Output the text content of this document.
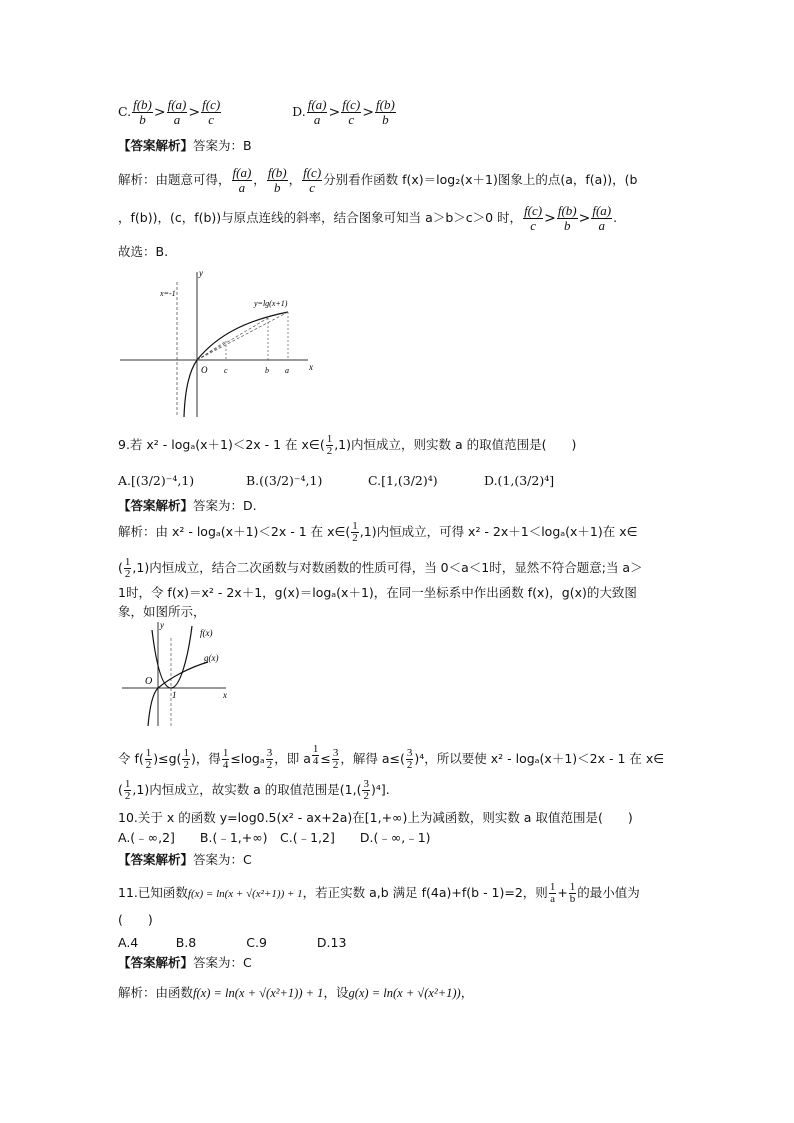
C. $\frac{f(b)}{b} > \frac{f(a)}{a} > \frac{f(c)}{c}$	D. $\frac{f(a)}{a} > \frac{f(c)}{c} > \frac{f(b)}{b}$
【答案解析】答案为：B
解析：由题意可得， $\frac{f(a)}{a}$ ， $\frac{f(b)}{b}$ ， $\frac{f(c)}{c}$ 分别看作函数 f(x)＝log₂(x＋1)图象上的点(a，f(a))，(b
，f(b))，(c，f(b))与原点连线的斜率，结合图象可知当 a＞b＞c＞0 时， $\frac{f(c)}{c} > \frac{f(b)}{b} > \frac{f(a)}{a}$ .
故选：B.
y
x
x=-1
y=lg(x+1)
O c	b a
9.若 x² - logₐ(x＋1)＜2x - 1 在 x∈( $\frac{1}{2} ,1$)内恒成立，则实数 a 的取值范围是(　　)
A.[(3/2)⁻⁴,1)	B.((3/2)⁻⁴,1)	C.[1,(3/2)⁴)	D.(1,(3/2)⁴]
【答案解析】答案为：D.
解析：由 x² - logₐ(x＋1)＜2x - 1 在 x∈( $\frac{1}{2} ,1$)内恒成立，可得 x² - 2x＋1＜logₐ(x＋1)在 x∈
( $\frac{1}{2} ,1$)内恒成立，结合二次函数与对数函数的性质可得，当 0＜a＜1时，显然不符合题意;当 a＞
1时，令 f(x)＝x² - 2x＋1，g(x)＝logₐ(x＋1)，在同一坐标系中作出函数 f(x)，g(x)的大致图
象，如图所示，
y
x
f(x)
g(x)
O
1
令 $f( \frac{1}{2} )\le g( \frac{1}{2}$ )，得 $\frac{1}{4} \le\log_a \frac{3}{2}$ ，即 a $^{\frac{1}{4}} \le \frac{3}{2}$ ，解得 $a\le( \frac{3}{2} )^4$，所以要使 x² - logₐ(x＋1)＜2x - 1 在 x∈
( $\frac{1}{2} ,1$)内恒成立，故实数 a 的取值范围是$(1,( \frac{3}{2} )^4]$.
10.关于 x 的函数 y=log0.5(x² - ax+2a)在[1,+∞)上为减函数，则实数 a 取值范围是(　　)
A.(﹣∞,2]　　B.(﹣1,+∞)　C.(﹣1,2]　　D.(﹣∞,﹣1)
【答案解析】答案为：C
11.已知函数f(x) = ln(x + √(x²+1)) + 1，若正实数 a,b 满足 f(4a)+f(b - 1)=2，则 $\frac{1}{a} + \frac{1}{b}$ 的最小值为
(　　)
A.4　　　B.8　　　　C.9　　　　D.13
【答案解析】答案为：C
解析：由函数f(x) = ln(x + √(x²+1)) + 1，设g(x) = ln(x + √(x²+1))，
